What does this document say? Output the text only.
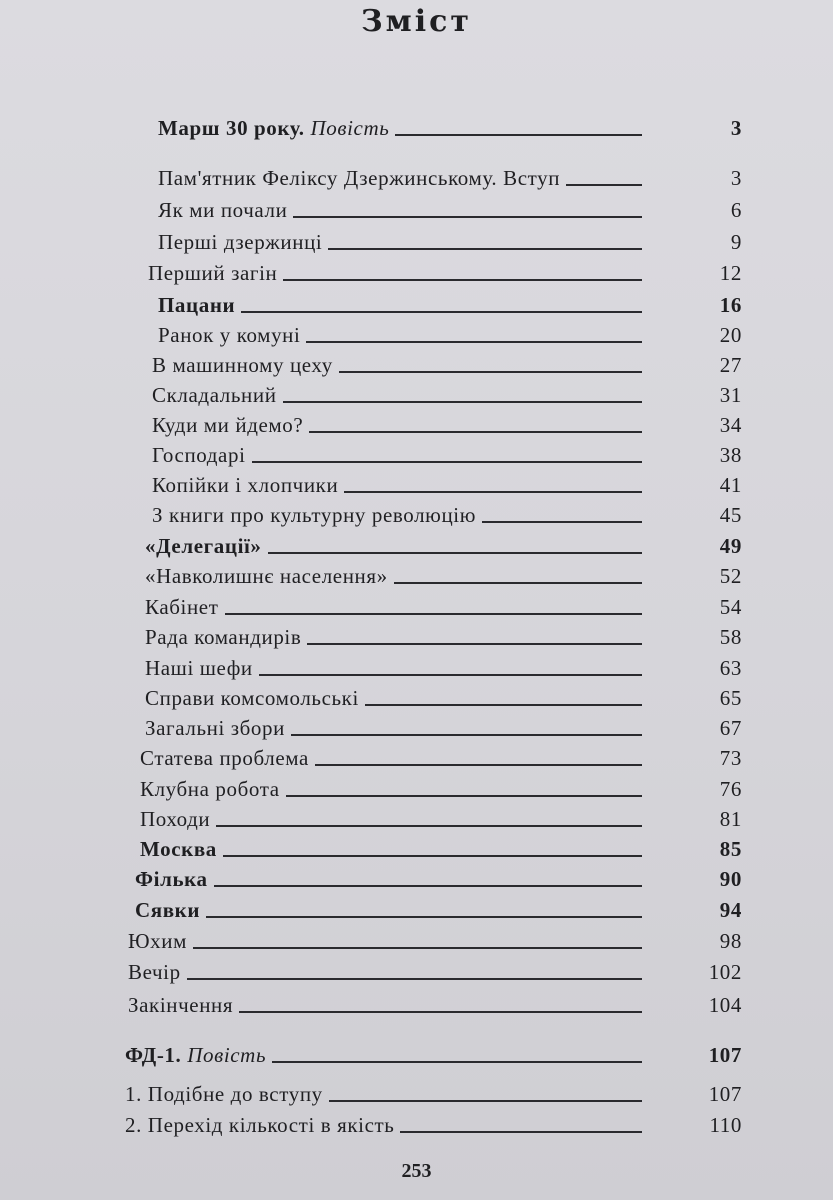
Зміст
Марш 30 року. Повість	3
Пам'ятник Феліксу Дзержинському. Вступ	3
Як ми почали	6
Перші дзержинці	9
Перший загін	12
Пацани	16
Ранок у комуні	20
В машинному цеху	27
Складальний	31
Куди ми йдемо?	34
Господарі	38
Копійки і хлопчики	41
З книги про культурну революцію	45
«Делегації»	49
«Навколишнє населення»	52
Кабінет	54
Рада командирів	58
Наші шефи	63
Справи комсомольські	65
Загальні збори	67
Статева проблема	73
Клубна робота	76
Походи	81
Москва	85
Філька	90
Сявки	94
Юхим	98
Вечір	102
Закінчення	104
ФД-1. Повість	107
1. Подібне до вступу	107
2. Перехід кількості в якість	110
253
